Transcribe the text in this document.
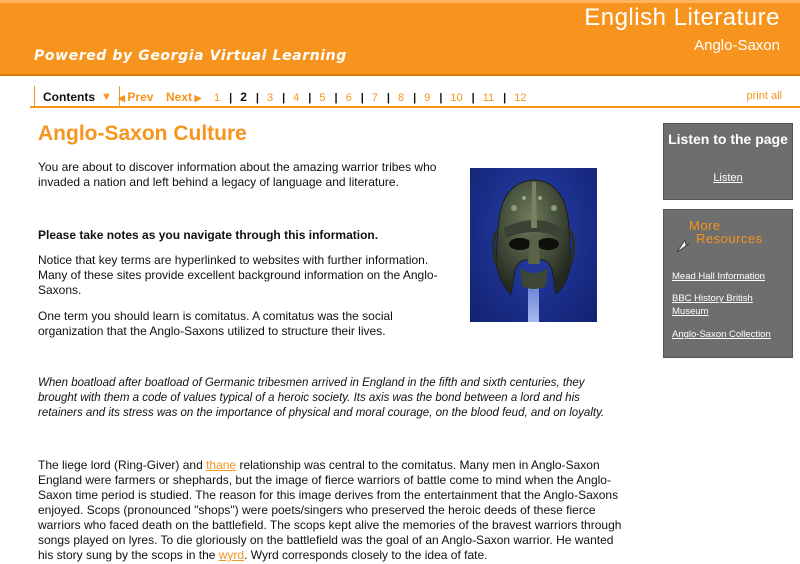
English Literature
Anglo-Saxon
Powered by Georgia Virtual Learning
Contents ▼ ◀ Prev Next ▶ 1 | 2 | 3 | 4 | 5 | 6 | 7 | 8 | 9 | 10 | 11 | 12	print all
Anglo-Saxon Culture
You are about to discover information about the amazing warrior tribes who invaded a nation and left behind a legacy of language and literature.
Please take notes as you navigate through this information.
Notice that key terms are hyperlinked to websites with further information. Many of these sites provide excellent background information on the Anglo-Saxons.
One term you should learn is comitatus. A comitatus was the social organization that the Anglo-Saxons utilized to structure their lives.
When boatload after boatload of Germanic tribesmen arrived in England in the fifth and sixth centuries, they brought with them a code of values typical of a heroic society. Its axis was the bond between a lord and his retainers and its stress was on the importance of physical and moral courage, on the blood feud, and on loyalty.
The liege lord (Ring-Giver) and thane relationship was central to the comitatus. Many men in Anglo-Saxon England were farmers or shephards, but the image of fierce warriors of battle come to mind when the Anglo-Saxon time period is studied. The reason for this image derives from the entertainment that the Anglo-Saxons enjoyed. Scops (pronounced "shops") were poets/singers who preserved the heroic deeds of these fierce warriors who faced death on the battlefield. The scops kept alive the memories of the bravest warriors through songs played on lyres. To die gloriously on the battlefield was the goal of an Anglo-Saxon warrior. He wanted his story sung by the scops in the wyrd. Wyrd corresponds closely to the idea of fate.
Listen to the page
Listen
More
Resources
Mead Hall Information
BBC History British Museum
Anglo-Saxon Collection
